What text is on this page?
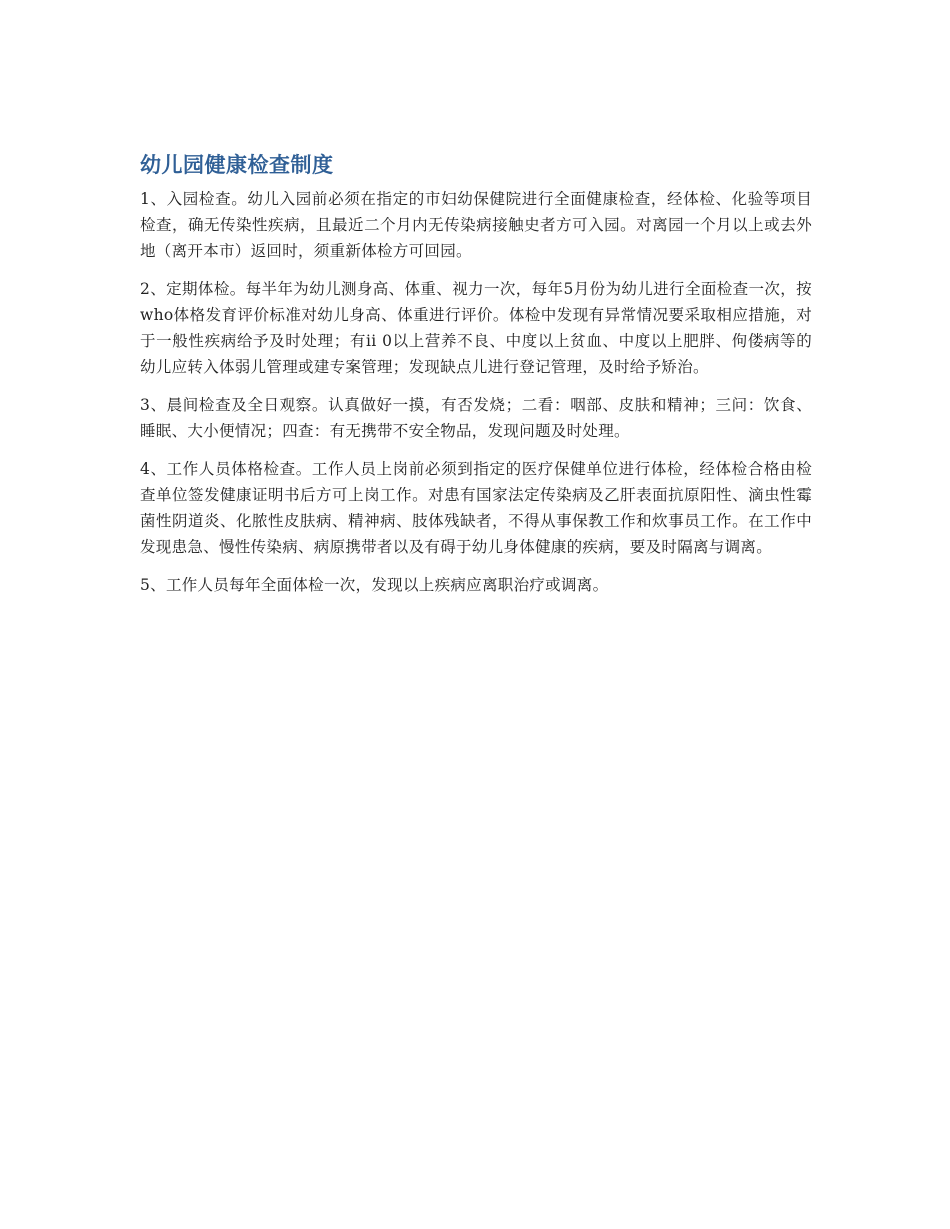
幼儿园健康检查制度

1、入园检查。幼儿入园前必须在指定的市妇幼保健院进行全面健康检查，经体检、化验等项目检查，确无传染性疾病，且最近二个月内无传染病接触史者方可入园。对离园一个月以上或去外地（离开本市）返回时，须重新体检方可回园。

2、定期体检。每半年为幼儿测身高、体重、视力一次，每年5月份为幼儿进行全面检查一次，按who体格发育评价标准对幼儿身高、体重进行评价。体检中发现有异常情况要采取相应措施，对于一般性疾病给予及时处理；有ii 0以上营养不良、中度以上贫血、中度以上肥胖、佝偻病等的幼儿应转入体弱儿管理或建专案管理；发现缺点儿进行登记管理，及时给予矫治。

3、晨间检查及全日观察。认真做好一摸，有否发烧；二看：咽部、皮肤和精神；三问：饮食、睡眠、大小便情况；四查：有无携带不安全物品，发现问题及时处理。

4、工作人员体格检查。工作人员上岗前必须到指定的医疗保健单位进行体检，经体检合格由检查单位签发健康证明书后方可上岗工作。对患有国家法定传染病及乙肝表面抗原阳性、滴虫性霉菌性阴道炎、化脓性皮肤病、精神病、肢体残缺者，不得从事保教工作和炊事员工作。在工作中发现患急、慢性传染病、病原携带者以及有碍于幼儿身体健康的疾病，要及时隔离与调离。

5、工作人员每年全面体检一次，发现以上疾病应离职治疗或调离。
